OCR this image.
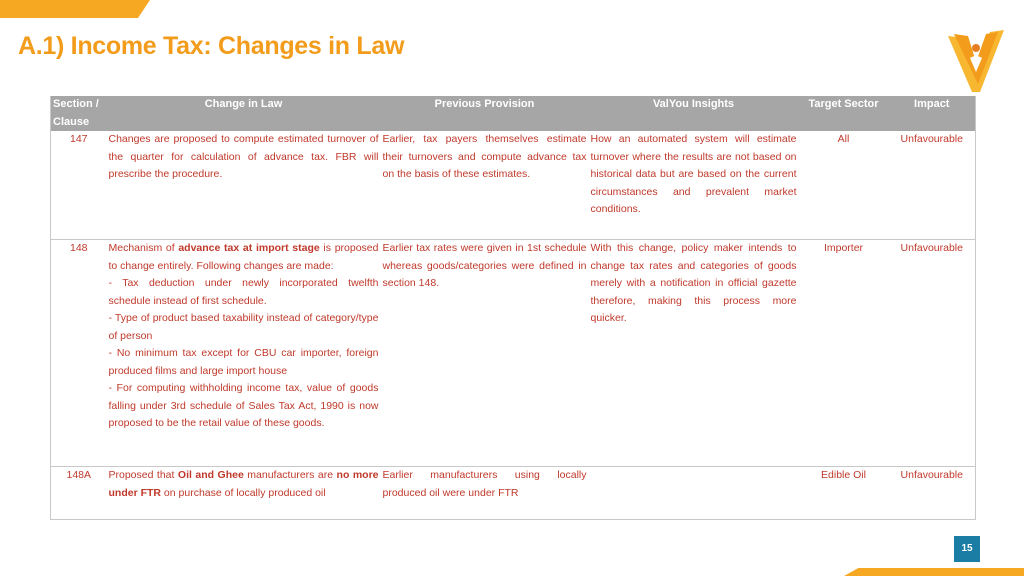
A.1) Income Tax: Changes in Law
Section / Clause	Change in Law	Previous Provision	ValYou Insights	Target Sector	Impact
147	Changes are proposed to compute estimated turnover of the quarter for calculation of advance tax. FBR will prescribe the procedure.	Earlier, tax payers themselves estimate their turnovers and compute advance tax on the basis of these estimates.	How an automated system will estimate turnover where the results are not based on historical data but are based on the current circumstances and prevalent market conditions.	All	Unfavourable
148	Mechanism of advance tax at import stage is proposed to change entirely. Following changes are made:
- Tax deduction under newly incorporated twelfth schedule instead of first schedule.
- Type of product based taxability instead of category/type of person
- No minimum tax except for CBU car importer, foreign produced films and large import house
- For computing withholding income tax, value of goods falling under 3rd schedule of Sales Tax Act, 1990 is now proposed to be the retail value of these goods.	Earlier tax rates were given in 1st schedule whereas goods/categories were defined in section 148.	With this change, policy maker intends to change tax rates and categories of goods merely with a notification in official gazette therefore, making this process more quicker.	Importer	Unfavourable
148A	Proposed that Oil and Ghee manufacturers are no more under FTR on purchase of locally produced oil	Earlier manufacturers using locally produced oil were under FTR		Edible Oil	Unfavourable
15
